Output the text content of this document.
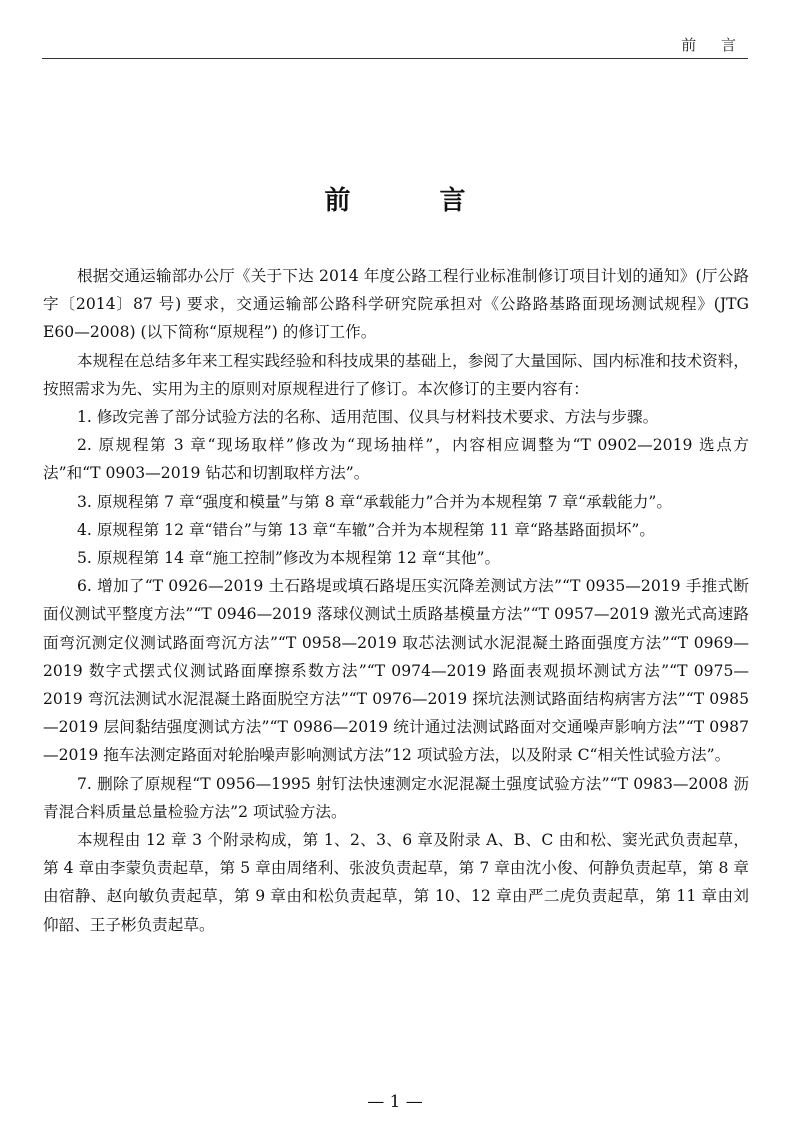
前 言
前 言

根据交通运输部办公厅《关于下达 2014 年度公路工程行业标准制修订项目计划的通知》(厅公路字〔2014〕87 号) 要求，交通运输部公路科学研究院承担对《公路路基路面现场测试规程》(JTG E60—2008) (以下简称“原规程”) 的修订工作。

本规程在总结多年来工程实践经验和科技成果的基础上，参阅了大量国际、国内标准和技术资料，按照需求为先、实用为主的原则对原规程进行了修订。本次修订的主要内容有：

1. 修改完善了部分试验方法的名称、适用范围、仪具与材料技术要求、方法与步骤。

2. 原规程第 3 章“现场取样”修改为“现场抽样”，内容相应调整为“T 0902—2019 选点方法”和“T 0903—2019 钻芯和切割取样方法”。

3. 原规程第 7 章“强度和模量”与第 8 章“承载能力”合并为本规程第 7 章“承载能力”。

4. 原规程第 12 章“错台”与第 13 章“车辙”合并为本规程第 11 章“路基路面损坏”。

5. 原规程第 14 章“施工控制”修改为本规程第 12 章“其他”。

6. 增加了“T 0926—2019 土石路堤或填石路堤压实沉降差测试方法”“T 0935—2019 手推式断面仪测试平整度方法”“T 0946—2019 落球仪测试土质路基模量方法”“T 0957—2019 激光式高速路面弯沉测定仪测试路面弯沉方法”“T 0958—2019 取芯法测试水泥混凝土路面强度方法”“T 0969—2019 数字式摆式仪测试路面摩擦系数方法”“T 0974—2019 路面表观损坏测试方法”“T 0975—2019 弯沉法测试水泥混凝土路面脱空方法”“T 0976—2019 探坑法测试路面结构病害方法”“T 0985—2019 层间黏结强度测试方法”“T 0986—2019 统计通过法测试路面对交通噪声影响方法”“T 0987—2019 拖车法测定路面对轮胎噪声影响测试方法”12 项试验方法，以及附录 C“相关性试验方法”。

7. 删除了原规程“T 0956—1995 射钉法快速测定水泥混凝土强度试验方法”“T 0983—2008 沥青混合料质量总量检验方法”2 项试验方法。

本规程由 12 章 3 个附录构成，第 1、2、3、6 章及附录 A、B、C 由和松、窦光武负责起草，第 4 章由李蒙负责起草，第 5 章由周绪利、张波负责起草，第 7 章由沈小俊、何静负责起草，第 8 章由宿静、赵向敏负责起草，第 9 章由和松负责起草，第 10、12 章由严二虎负责起草，第 11 章由刘仰韶、王子彬负责起草。

— 1 —
